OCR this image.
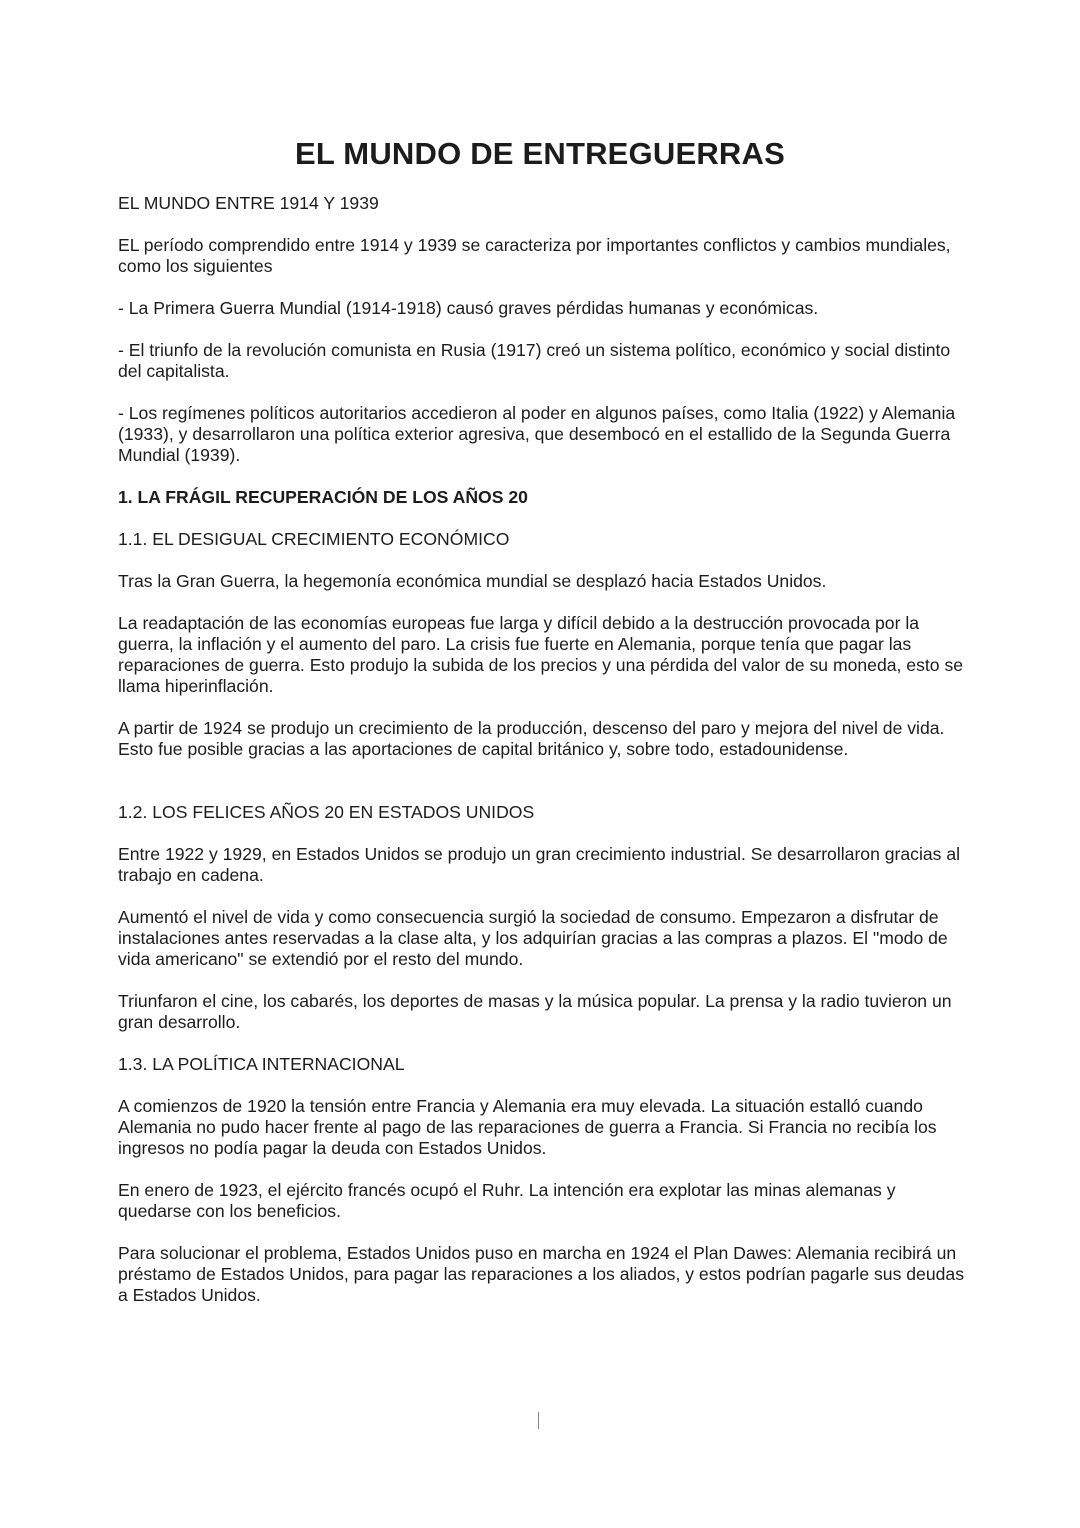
EL MUNDO DE ENTREGUERRAS

EL MUNDO ENTRE 1914 Y 1939

EL período comprendido entre 1914 y 1939 se caracteriza por importantes conflictos y cambios mundiales, como los siguientes

- La Primera Guerra Mundial (1914-1918) causó graves pérdidas humanas y económicas.

- El triunfo de la revolución comunista en Rusia (1917) creó un sistema político, económico y social distinto del capitalista.

- Los regímenes políticos autoritarios accedieron al poder en algunos países, como Italia (1922) y Alemania (1933), y desarrollaron una política exterior agresiva, que desembocó en el estallido de la Segunda Guerra Mundial (1939).

1. LA FRÁGIL RECUPERACIÓN DE LOS AÑOS 20

1.1. EL DESIGUAL CRECIMIENTO ECONÓMICO

Tras la Gran Guerra, la hegemonía económica mundial se desplazó hacia Estados Unidos.

La readaptación de las economías europeas fue larga y difícil debido a la destrucción provocada por la guerra, la inflación y el aumento del paro. La crisis fue fuerte en Alemania, porque tenía que pagar las reparaciones de guerra. Esto produjo la subida de los precios y una pérdida del valor de su moneda, esto se llama hiperinflación.

A partir de 1924 se produjo un crecimiento de la producción, descenso del paro y mejora del nivel de vida. Esto fue posible gracias a las aportaciones de capital británico y, sobre todo, estadounidense.

1.2. LOS FELICES AÑOS 20 EN ESTADOS UNIDOS

Entre 1922 y 1929, en Estados Unidos se produjo un gran crecimiento industrial. Se desarrollaron gracias al trabajo en cadena.

Aumentó el nivel de vida y como consecuencia surgió la sociedad de consumo. Empezaron a disfrutar de instalaciones antes reservadas a la clase alta, y los adquirían gracias a las compras a plazos. El "modo de vida americano" se extendió por el resto del mundo.

Triunfaron el cine, los cabarés, los deportes de masas y la música popular. La prensa y la radio tuvieron un gran desarrollo.

1.3. LA POLÍTICA INTERNACIONAL

A comienzos de 1920 la tensión entre Francia y Alemania era muy elevada. La situación estalló cuando Alemania no pudo hacer frente al pago de las reparaciones de guerra a Francia. Si Francia no recibía los ingresos no podía pagar la deuda con Estados Unidos.

En enero de 1923, el ejército francés ocupó el Ruhr. La intención era explotar las minas alemanas y quedarse con los beneficios.

Para solucionar el problema, Estados Unidos puso en marcha en 1924 el Plan Dawes: Alemania recibirá un préstamo de Estados Unidos, para pagar las reparaciones a los aliados, y estos podrían pagarle sus deudas a Estados Unidos.
